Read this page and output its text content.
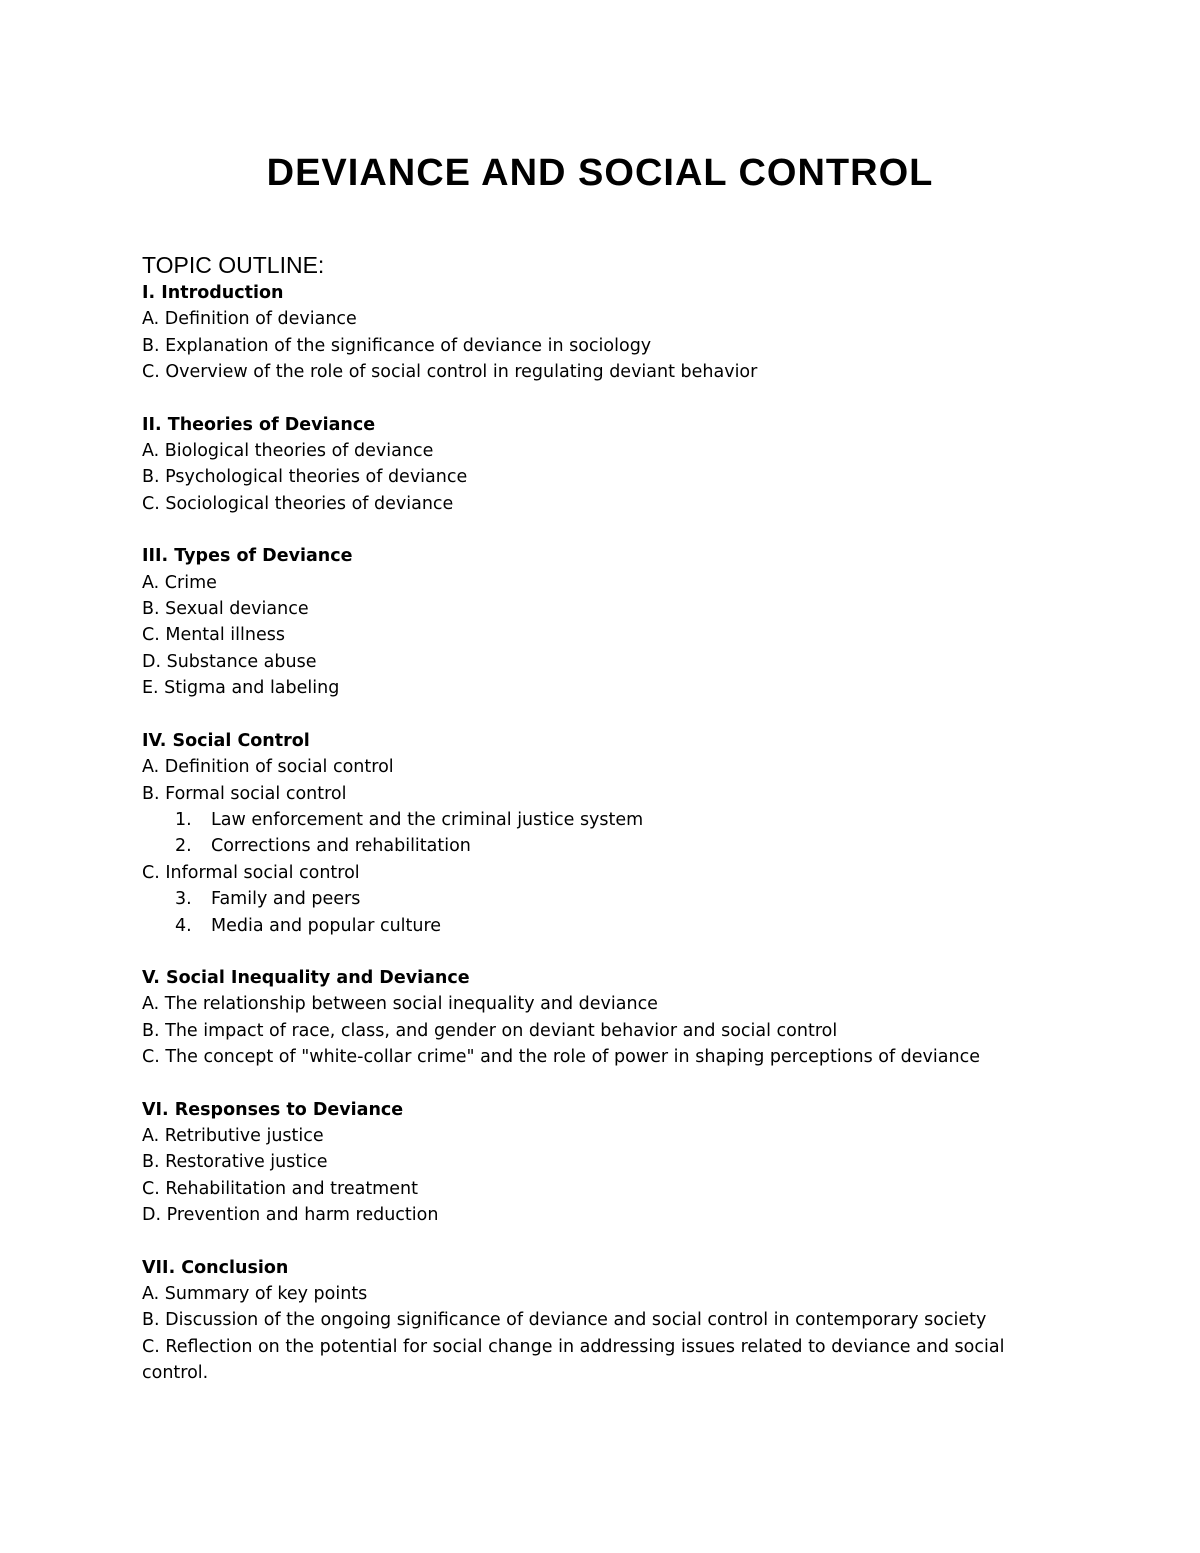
DEVIANCE AND SOCIAL CONTROL
TOPIC OUTLINE:
I. Introduction
A. Definition of deviance
B. Explanation of the significance of deviance in sociology
C. Overview of the role of social control in regulating deviant behavior
II. Theories of Deviance
A. Biological theories of deviance
B. Psychological theories of deviance
C. Sociological theories of deviance
III. Types of Deviance
A. Crime
B. Sexual deviance
C. Mental illness
D. Substance abuse
E. Stigma and labeling
IV. Social Control
A. Definition of social control
B. Formal social control
1. Law enforcement and the criminal justice system
2. Corrections and rehabilitation
C. Informal social control
3. Family and peers
4. Media and popular culture
V. Social Inequality and Deviance
A. The relationship between social inequality and deviance
B. The impact of race, class, and gender on deviant behavior and social control
C. The concept of "white-collar crime" and the role of power in shaping perceptions of deviance
VI. Responses to Deviance
A. Retributive justice
B. Restorative justice
C. Rehabilitation and treatment
D. Prevention and harm reduction
VII. Conclusion
A. Summary of key points
B. Discussion of the ongoing significance of deviance and social control in contemporary society
C. Reflection on the potential for social change in addressing issues related to deviance and social control.
